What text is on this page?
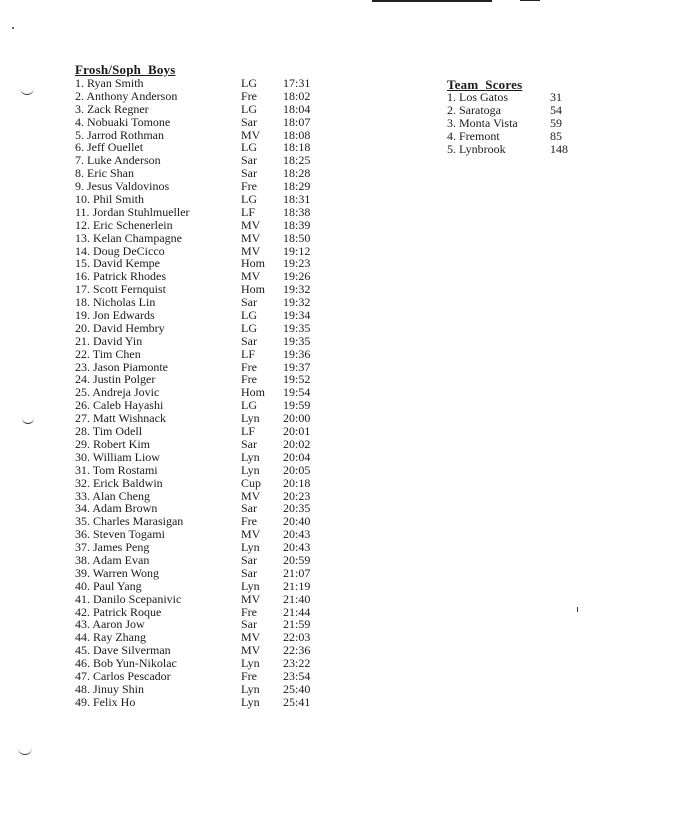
Frosh/Soph  Boys
1. Ryan Smith	LG 17:31
2. Anthony Anderson	Fre 18:02
3. Zack Regner	LG 18:04
4. Nobuaki Tomone	Sar 18:07
5. Jarrod Rothman	MV 18:08
6. Jeff Ouellet	LG 18:18
7. Luke Anderson	Sar 18:25
8. Eric Shan	Sar 18:28
9. Jesus Valdovinos	Fre 18:29
10. Phil Smith	LG 18:31
11. Jordan Stuhlmueller	LF 18:38
12. Eric Schenerlein	MV 18:39
13. Kelan Champagne	MV 18:50
14. Doug DeCicco	MV 19:12
15. David Kempe	Hom 19:23
16. Patrick Rhodes	MV 19:26
17. Scott Fernquist	Hom 19:32
18. Nicholas Lin	Sar 19:32
19. Jon Edwards	LG 19:34
20. David Hembry	LG 19:35
21. David Yin	Sar 19:35
22. Tim Chen	LF 19:36
23. Jason Piamonte	Fre 19:37
24. Justin Polger	Fre 19:52
25. Andreja Jovic	Hom 19:54
26. Caleb Hayashi	LG 19:59
27. Matt Wishnack	Lyn 20:00
28. Tim Odell	LF 20:01
29. Robert Kim	Sar 20:02
30. William Liow	Lyn 20:04
31. Tom Rostami	Lyn 20:05
32. Erick Baldwin	Cup 20:18
33. Alan Cheng	MV 20:23
34. Adam Brown	Sar 20:35
35. Charles Marasigan	Fre 20:40
36. Steven Togami	MV 20:43
37. James Peng	Lyn 20:43
38. Adam Evan	Sar 20:59
39. Warren Wong	Sar 21:07
40. Paul Yang	Lyn 21:19
41. Danilo Scepanivic	MV 21:40
42. Patrick Roque	Fre 21:44
43. Aaron Jow	Sar 21:59
44. Ray Zhang	MV 22:03
45. Dave Silverman	MV 22:36
46. Bob Yun-Nikolac	Lyn 23:22
47. Carlos Pescador	Fre 23:54
48. Jinuy Shin	Lyn 25:40
49. Felix Ho	Lyn 25:41
Team  Scores
1. Los Gatos	31
2. Saratoga	54
3. Monta Vista	59
4. Fremont	85
5. Lynbrook	148
